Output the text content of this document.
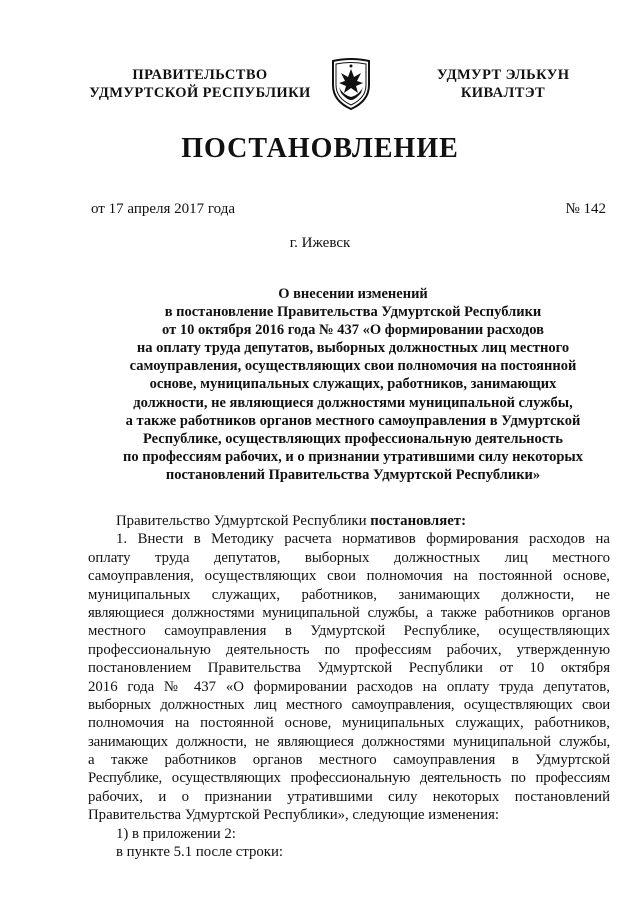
ПРАВИТЕЛЬСТВО
УДМУРТСКОЙ РЕСПУБЛИКИ
УДМУРТ ЭЛЬКУН
КИВАЛТЭТ
ПОСТАНОВЛЕНИЕ
от 17 апреля 2017 года	№ 142
г. Ижевск
О внесении изменений
в постановление Правительства Удмуртской Республики
от 10 октября 2016 года № 437 «О формировании расходов
на оплату труда депутатов, выборных должностных лиц местного
самоуправления, осуществляющих свои полномочия на постоянной
основе, муниципальных служащих, работников, занимающих
должности, не являющиеся должностями муниципальной службы,
а также работников органов местного самоуправления в Удмуртской
Республике, осуществляющих профессиональную деятельность
по профессиям рабочих, и о признании утратившими силу некоторых
постановлений Правительства Удмуртской Республики»
Правительство Удмуртской Республики постановляет:
1. Внести в Методику расчета нормативов формирования расходов на
оплату труда депутатов, выборных должностных лиц местного
самоуправления, осуществляющих свои полномочия на постоянной основе,
муниципальных служащих, работников, занимающих должности, не
являющиеся должностями муниципальной службы, а также работников органов
местного самоуправления в Удмуртской Республике, осуществляющих
профессиональную деятельность по профессиям рабочих, утвержденную
постановлением Правительства Удмуртской Республики от 10 октября
2016 года № 437 «О формировании расходов на оплату труда депутатов,
выборных должностных лиц местного самоуправления, осуществляющих свои
полномочия на постоянной основе, муниципальных служащих, работников,
занимающих должности, не являющиеся должностями муниципальной службы,
а также работников органов местного самоуправления в Удмуртской
Республике, осуществляющих профессиональную деятельность по профессиям
рабочих, и о признании утратившими силу некоторых постановлений
Правительства Удмуртской Республики», следующие изменения:
1) в приложении 2:
в пункте 5.1 после строки:
